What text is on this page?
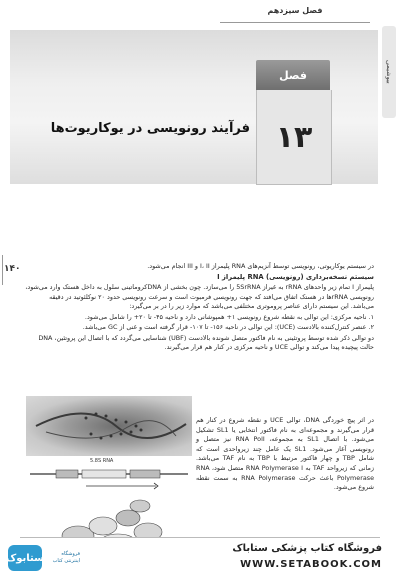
فصل سیزدهم
بیوشیمی
فصل
۱۳
فرآیند رونویسی در یوکاریوت‌ها
۱۴۰	در سیستم یوکاریوتی، رونویسی توسط آنزیم‌های RNA پلیمراز I، II و III انجام می‌شود.

سیستم نسخه‌برداری (رونویسی) RNA پلیمراز I

پلیمراز I تمام زیر واحدهای rRNA به غیراز 5SrRNA را می‌سازد. چون بخشی از DNAکروماتینی سلول به داخل هستک وارد می‌شود، رونویسی rRNAها در هستک اتفاق می‌افتد که جهت رونویسی فرمبوت است و سرعت رونویسی حدود ۲۰ نوکلئوتید در دقیقه می‌باشد. این سیستم دارای عناصر پروموتری مختلفی می‌باشد که موارد زیر را در بر می‌گیرد:

۱. ناحیه مرکزی: این توالی به نقطه شروع رونویسی ۱+ همپوشانی دارد و ناحیه ۴۵- تا ۲۰+ را شامل می‌شود.

۲. عنصر کنترل‌کننده بالادست (UCE): این توالی در ناحیه ۱۵۶- تا ۱۰۷- قرار گرفته است و غنی از GC می‌باشد.

دو توالی ذکر شده توسط پروتئینی به نام فاکتور متصل شونده بالادست (UBF) شناسایی می‌گردد که با اتصال این پروتئین، DNA حالت پیچیده پیدا می‌کند و توالی UCE و ناحیه مرکزی در کنار هم قرار می‌گیرند.

در اثر پیچ خوردگی DNA، توالی UCE و نقطه شروع در کنار هم قرار می‌گیرند و مجموعه‌ای به نام فاکتور انتخابی یا SL1 تشکیل می‌شود. با اتصال SL1 به مجموعه، RNA PolI نیز متصل و رونویسی آغاز می‌شود. SL1 یک عامل چند زیرواحدی است که شامل TBP و چهار فاکتور مرتبط با TBP به نام TAF می‌باشد. زمانی که زیرواحد TAF به RNA Polymerase I متصل شود، RNA Polymerase باعث حرکت RNA Polymerase به سمت نقطه شروع می‌شود.

5.8S RNA
ستابوک	فروشگاه اینترنتی کتاب
فروشگاه کتاب پزشکی ستاباک
WWW.SETABOOK.COM
